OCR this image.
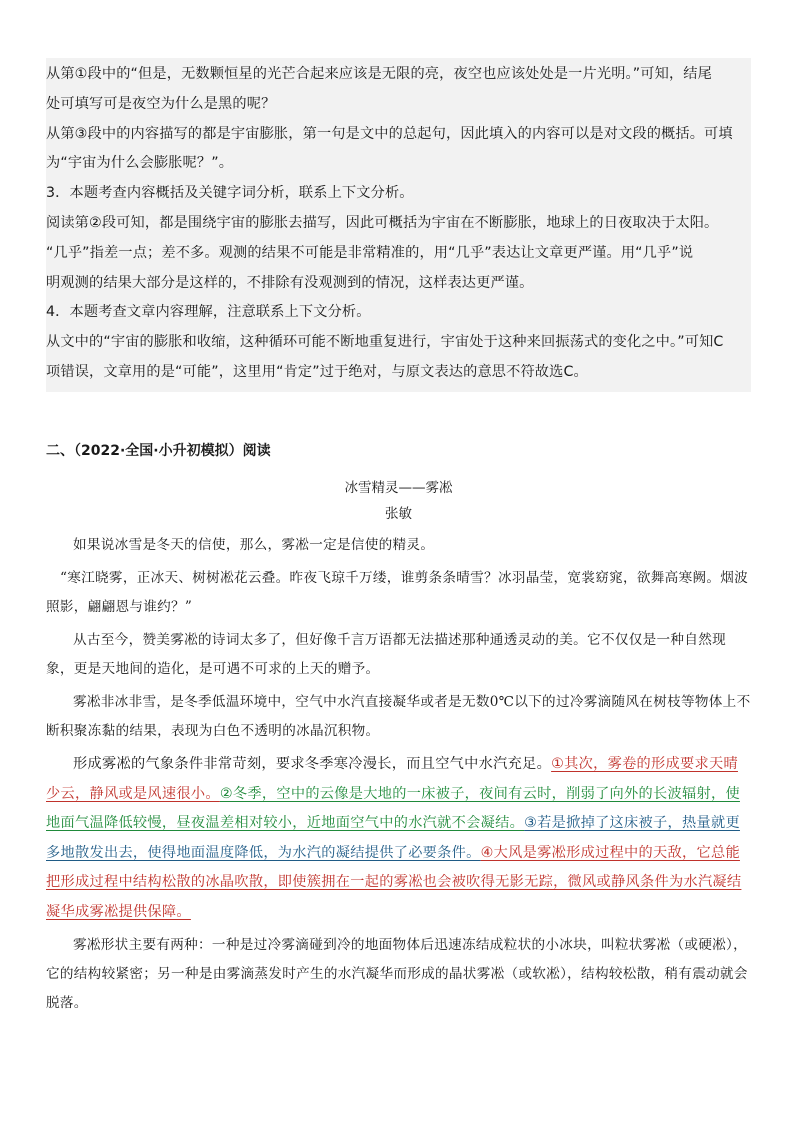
从第①段中的“但是，无数颗恒星的光芒合起来应该是无限的亮，夜空也应该处处是一片光明。”可知，结尾

处可填写可是夜空为什么是黑的呢？

从第③段中的内容描写的都是宇宙膨胀，第一句是文中的总起句，因此填入的内容可以是对文段的概括。可填

为“宇宙为什么会膨胀呢？”。

3．本题考查内容概括及关键字词分析，联系上下文分析。

阅读第②段可知，都是围绕宇宙的膨胀去描写，因此可概括为宇宙在不断膨胀，地球上的日夜取决于太阳。

“几乎”指差一点；差不多。观测的结果不可能是非常精准的，用“几乎”表达让文章更严谨。用“几乎”说

明观测的结果大部分是这样的，不排除有没观测到的情况，这样表达更严谨。

4．本题考查文章内容理解，注意联系上下文分析。

从文中的“宇宙的膨胀和收缩，这种循环可能不断地重复进行，宇宙处于这种来回振荡式的变化之中。”可知C

项错误，文章用的是“可能”，这里用“肯定”过于绝对，与原文表达的意思不符故选C。

二、（2022·全国·小升初模拟）阅读

冰雪精灵——雾凇

张敏

如果说冰雪是冬天的信使，那么，雾凇一定是信使的精灵。

“寒江晓雾，正冰天、树树凇花云叠。昨夜飞琼千万缕，谁剪条条晴雪？冰羽晶莹，宽裳窈窕，欲舞高寒阙。烟波照影，翩翩恩与谁约？”

从古至今，赞美雾凇的诗词太多了，但好像千言万语都无法描述那种通透灵动的美。它不仅仅是一种自然现象，更是天地间的造化，是可遇不可求的上天的赠予。

雾凇非冰非雪，是冬季低温环境中，空气中水汽直接凝华或者是无数0℃以下的过冷雾滴随风在树枝等物体上不断积聚冻黏的结果，表现为白色不透明的冰晶沉积物。

形成雾凇的气象条件非常苛刻，要求冬季寒冷漫长，而且空气中水汽充足。①其次，雾卷的形成要求天晴少云，静风或是风速很小。②冬季，空中的云像是大地的一床被子，夜间有云时，削弱了向外的长波辐射，使地面气温降低较慢，昼夜温差相对较小，近地面空气中的水汽就不会凝结。③若是掀掉了这床被子，热量就更多地散发出去，使得地面温度降低，为水汽的凝结提供了必要条件。④大风是雾凇形成过程中的天敌，它总能把形成过程中结构松散的冰晶吹散，即使簇拥在一起的雾凇也会被吹得无影无踪，微风或静风条件为水汽凝结凝华成雾凇提供保障。

雾凇形状主要有两种：一种是过冷雾滴碰到冷的地面物体后迅速冻结成粒状的小冰块，叫粒状雾凇（或硬凇），它的结构较紧密；另一种是由雾滴蒸发时产生的水汽凝华而形成的晶状雾凇（或软凇），结构较松散，稍有震动就会脱落。
